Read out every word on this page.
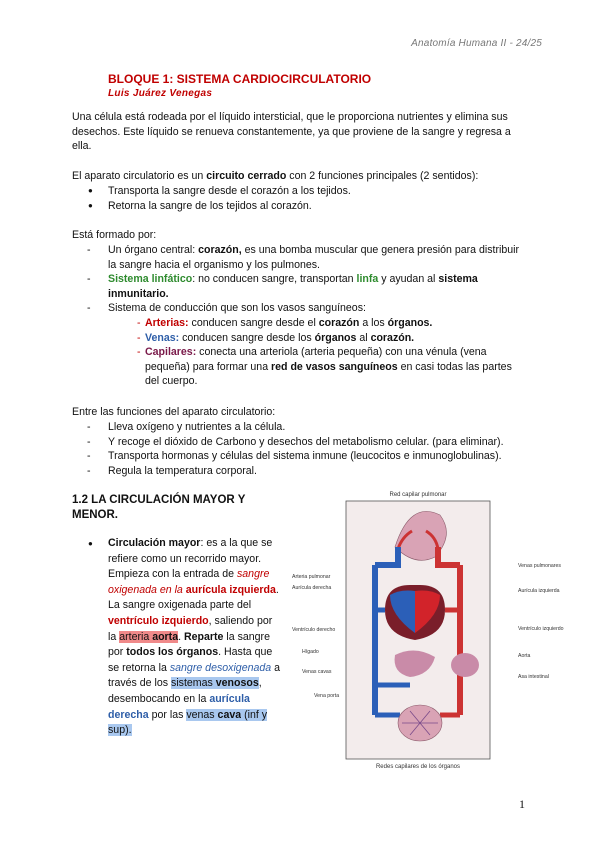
Anatomía Humana II - 24/25
BLOQUE 1: SISTEMA CARDIOCIRCULATORIO
Luis Juárez Venegas
Una célula está rodeada por el líquido intersticial, que le proporciona nutrientes y elimina sus desechos. Este líquido se renueva constantemente, ya que proviene de la sangre y regresa a ella.
El aparato circulatorio es un circuito cerrado con 2 funciones principales (2 sentidos):
● Transporta la sangre desde el corazón a los tejidos.
● Retorna la sangre de los tejidos al corazón.
Está formado por:
- Un órgano central: corazón, es una bomba muscular que genera presión para distribuir la sangre hacia el organismo y los pulmones.
- Sistema linfático: no conducen sangre, transportan linfa y ayudan al sistema inmunitario.
- Sistema de conducción que son los vasos sanguíneos:
- Arterias: conducen sangre desde el corazón a los órganos.
- Venas: conducen sangre desde los órganos al corazón.
- Capilares: conecta una arteriola (arteria pequeña) con una vénula (vena pequeña) para formar una red de vasos sanguíneos en casi todas las partes del cuerpo.
Entre las funciones del aparato circulatorio:
- Lleva oxígeno y nutrientes a la célula.
- Y recoge el dióxido de Carbono y desechos del metabolismo celular. (para eliminar).
- Transporta hormonas y células del sistema inmune (leucocitos e inmunoglobulinas).
- Regula la temperatura corporal.
1.2 LA CIRCULACIÓN MAYOR Y MENOR.
● Circulación mayor: es a la que se refiere como un recorrido mayor. Empieza con la entrada de sangre oxigenada en la aurícula izquierda. La sangre oxigenada parte del ventrículo izquierdo, saliendo por la arteria aorta. Reparte la sangre por todos los órganos. Hasta que se retorna la sangre desoxigenada a través de los sistemas venosos, desembocando en la aurícula derecha por las venas cava (inf y sup).
Red capilar pulmonar
Redes capilares de los órganos
Arteria pulmonar
Aurícula derecha
Ventrículo derecho
Hígado
Venas cavas
Vena porta
Venas pulmonares
Aurícula izquierda
Ventrículo izquierdo
Aorta
Asa intestinal
1
